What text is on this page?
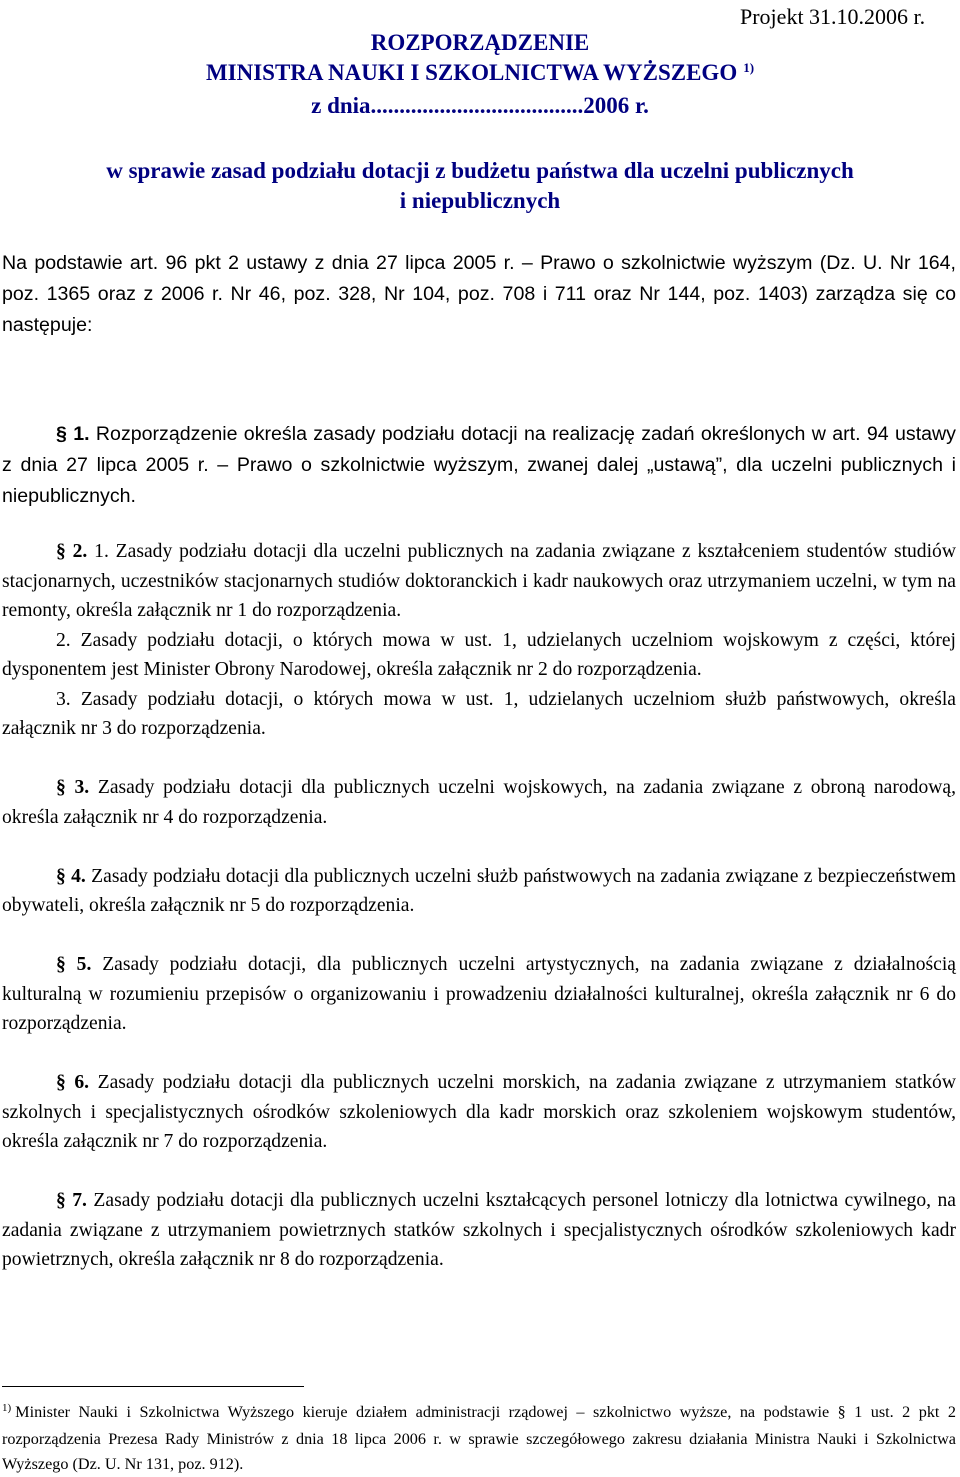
Projekt 31.10.2006 r.
ROZPORZĄDZENIE
MINISTRA NAUKI I SZKOLNICTWA WYŻSZEGO $^{1)}$
z dnia.....................................2006 r.
w sprawie zasad podziału dotacji z budżetu państwa dla uczelni publicznych
i niepublicznych
Na podstawie art. 96 pkt 2 ustawy z dnia 27 lipca 2005 r. – Prawo o szkolnictwie wyższym (Dz. U. Nr 164, poz. 1365 oraz z 2006 r. Nr 46, poz. 328, Nr 104, poz. 708 i 711 oraz Nr 144, poz. 1403) zarządza się co następuje:
§ 1. Rozporządzenie określa zasady podziału dotacji na realizację zadań określonych w art. 94 ustawy z dnia 27 lipca 2005 r. – Prawo o szkolnictwie wyższym, zwanej dalej „ustawą”, dla uczelni publicznych i niepublicznych.

§ 2. 1. Zasady podziału dotacji dla uczelni publicznych na zadania związane z kształceniem studentów studiów stacjonarnych, uczestników stacjonarnych studiów doktoranckich i kadr naukowych oraz utrzymaniem uczelni, w tym na remonty, określa załącznik nr 1 do rozporządzenia.

2. Zasady podziału dotacji, o których mowa w ust. 1, udzielanych uczelniom wojskowym z części, której dysponentem jest Minister Obrony Narodowej, określa załącznik nr 2 do rozporządzenia.

3. Zasady podziału dotacji, o których mowa w ust. 1, udzielanych uczelniom służb państwowych, określa załącznik nr 3 do rozporządzenia.

§ 3. Zasady podziału dotacji dla publicznych uczelni wojskowych, na zadania związane z obroną narodową, określa załącznik nr 4 do rozporządzenia.

§ 4. Zasady podziału dotacji dla publicznych uczelni służb państwowych na zadania związane z bezpieczeństwem obywateli, określa załącznik nr 5 do rozporządzenia.

§ 5. Zasady podziału dotacji, dla publicznych uczelni artystycznych, na zadania związane z działalnością kulturalną w rozumieniu przepisów o organizowaniu i prowadzeniu działalności kulturalnej, określa załącznik nr 6 do rozporządzenia.

§ 6. Zasady podziału dotacji dla publicznych uczelni morskich, na zadania związane z utrzymaniem statków szkolnych i specjalistycznych ośrodków szkoleniowych dla kadr morskich oraz szkoleniem wojskowym studentów, określa załącznik nr 7 do rozporządzenia.

§ 7. Zasady podziału dotacji dla publicznych uczelni kształcących personel lotniczy dla lotnictwa cywilnego, na zadania związane z utrzymaniem powietrznych statków szkolnych i specjalistycznych ośrodków szkoleniowych kadr powietrznych, określa załącznik nr 8 do rozporządzenia.

$^{1)}$ Minister Nauki i Szkolnictwa Wyższego kieruje działem administracji rządowej – szkolnictwo wyższe, na podstawie § 1 ust. 2 pkt 2 rozporządzenia Prezesa Rady Ministrów z dnia 18 lipca 2006 r. w sprawie szczegółowego zakresu działania Ministra Nauki i Szkolnictwa Wyższego (Dz. U. Nr 131, poz. 912).
